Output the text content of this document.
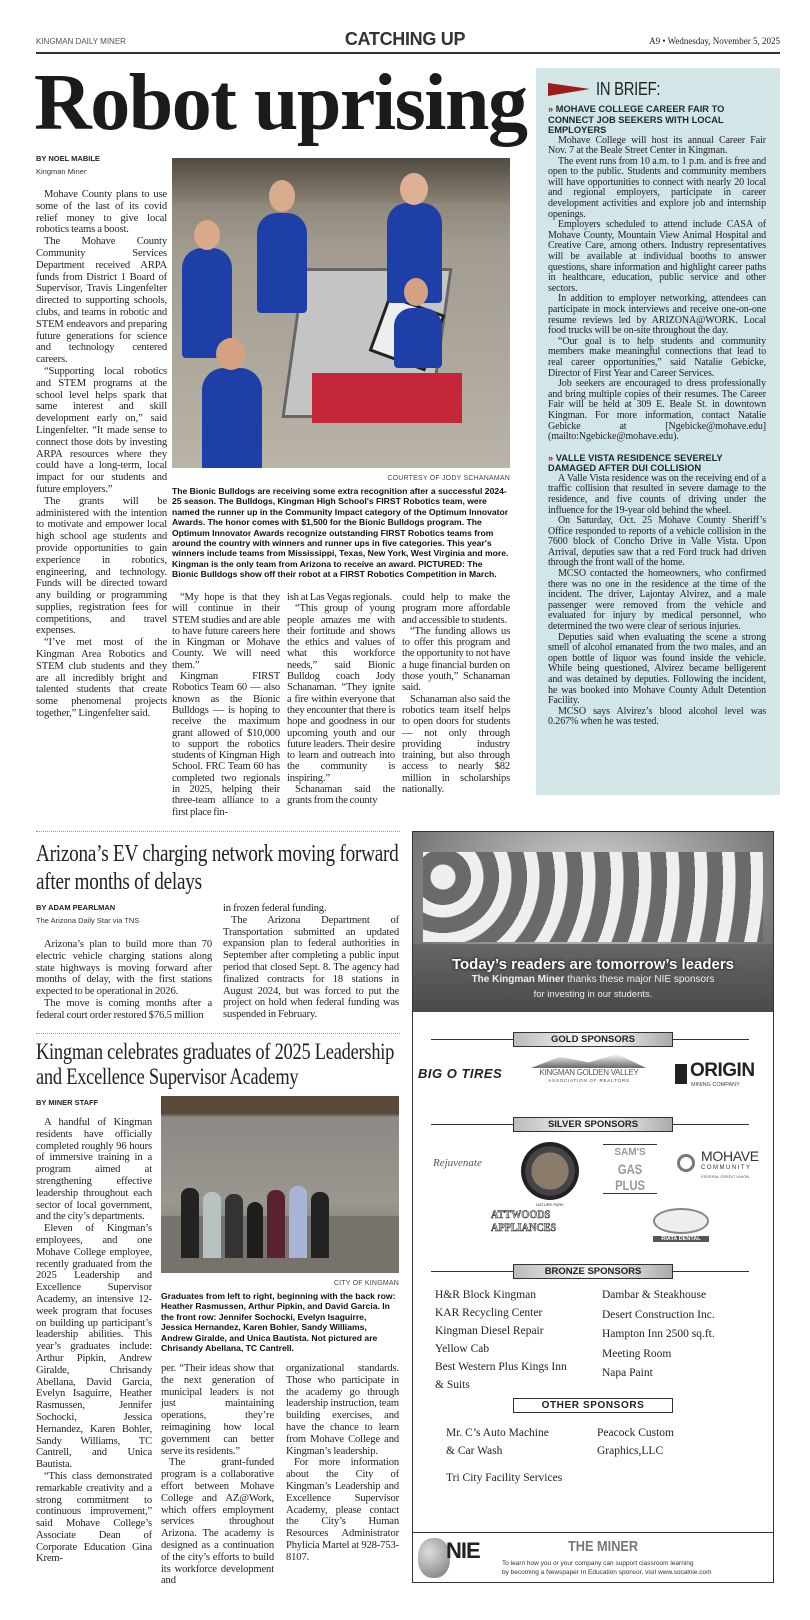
KINGMAN DAILY MINER	CATCHING UP	A9 • Wednesday, November 5, 2025
Robot uprising
BY NOEL MABILE
Kingman Miner

Mohave County plans to use some of the last of its covid relief money to give local robotics teams a boost.

The Mohave County Community Services Department received ARPA funds from District 1 Board of Supervisor, Travis Lingenfelter directed to supporting schools, clubs, and teams in robotic and STEM endeavors and preparing future generations for science and technology centered careers.

“Supporting local robotics and STEM programs at the school level helps spark that same interest and skill development early on,” said Lingenfelter. “It made sense to connect those dots by investing ARPA resources where they could have a long-term, local impact for our students and future employers.”

The grants will be administered with the intention to motivate and empower local high school age students and provide opportunities to gain experience in robotics, engineering, and technology. Funds will be directed toward any building or programming supplies, registration fees for competitions, and travel expenses.

“I’ve met most of the Kingman Area Robotics and STEM club students and they are all incredibly bright and talented students that create some phenomenal projects together,” Lingenfelter said.

COURTESY OF JODY SCHANAMAN
The Bionic Bulldogs are receiving some extra recognition after a successful 2024-25 season. The Bulldogs, Kingman High School's FIRST Robotics team, were named the runner up in the Community Impact category of the Optimum Innovator Awards. The honor comes with $1,500 for the Bionic Bulldogs program. The Optimum Innovator Awards recognize outstanding FIRST Robotics teams from around the country with winners and runner ups in five categories. This year's winners include teams from Mississippi, Texas, New York, West Virginia and more. Kingman is the only team from Arizona to receive an award. PICTURED: The Bionic Bulldogs show off their robot at a FIRST Robotics Competition in March.

“My hope is that they will continue in their STEM studies and are able to have future careers here in Kingman or Mohave County. We will need them.”

Kingman FIRST Robotics Team 60 — also known as the Bionic Bulldogs — is hoping to receive the maximum grant allowed of $10,000 to support the robotics students of Kingman High School. FRC Team 60 has completed two regionals in 2025, helping their three-team alliance to a first place fin-

ish at Las Vegas regionals.

“This group of young people amazes me with their fortitude and shows the ethics and values of what this workforce needs,” said Bionic Bulldog coach Jody Schanaman. “They ignite a fire within everyone that they encounter that there is hope and goodness in our upcoming youth and our future leaders. Their desire to learn and outreach into the community is inspiring.”

Schanaman said the grants from the county

could help to make the program more affordable and accessible to students.

“The funding allows us to offer this program and the opportunity to not have a huge financial burden on those youth,” Schanaman said.

Schanaman also said the robotics team itself helps to open doors for students — not only through providing industry training, but also through access to nearly $82 million in scholarships nationally.

IN BRIEF:
» MOHAVE COLLEGE CAREER FAIR TO CONNECT JOB SEEKERS WITH LOCAL EMPLOYERS

Mohave College will host its annual Career Fair Nov. 7 at the Beale Street Center in Kingman.

The event runs from 10 a.m. to 1 p.m. and is free and open to the public. Students and community members will have opportunities to connect with nearly 20 local and regional employers, participate in career development activities and explore job and internship openings.

Employers scheduled to attend include CASA of Mohave County, Mountain View Animal Hospital and Creative Care, among others. Industry representatives will be available at individual booths to answer questions, share information and highlight career paths in healthcare, education, public service and other sectors.

In addition to employer networking, attendees can participate in mock interviews and receive one-on-one resume reviews led by ARIZONA@WORK. Local food trucks will be on-site throughout the day.

“Our goal is to help students and community members make meaningful connections that lead to real career opportunities,” said Natalie Gebicke, Director of First Year and Career Services.

Job seekers are encouraged to dress professionally and bring multiple copies of their resumes. The Career Fair will be held at 309 E. Beale St. in downtown Kingman. For more information, contact Natalie Gebicke at [Ngebicke@mohave.edu](mailto:Ngebicke@mohave.edu).

» VALLE VISTA RESIDENCE SEVERELY DAMAGED AFTER DUI COLLISION

A Valle Vista residence was on the receiving end of a traffic collision that resulted in severe damage to the residence, and five counts of driving under the influence for the 19-year old behind the wheel.

On Saturday, Oct. 25 Mohave County Sheriff’s Office responded to reports of a vehicle collision in the 7600 block of Concho Drive in Valle Vista. Upon Arrival, deputies saw that a red Ford truck had driven through the front wall of the home.

MCSO contacted the homeowners, who confirmed there was no one in the residence at the time of the incident. The driver, Lajontay Alvirez, and a male passenger were removed from the vehicle and evaluated for injury by medical personnel, who determined the two were clear of serious injuries.

Deputies said when evaluating the scene a strong smell of alcohol emanated from the two males, and an open bottle of liquor was found inside the vehicle. While being questioned, Alvirez became belligerent and was detained by deputies. Following the incident, he was booked into Mohave County Adult Detention Facility.

MCSO says Alvirez’s blood alcohol level was 0.267% when he was tested.

Arizona’s EV charging network moving forward after months of delays
BY ADAM PEARLMAN
The Arizona Daily Star via TNS

Arizona’s plan to build more than 70 electric vehicle charging stations along state highways is moving forward after months of delay, with the first stations expected to be operational in 2026.

The move is coming months after a federal court order restored $76.5 million

in frozen federal funding.

The Arizona Department of Transportation submitted an updated expansion plan to federal authorities in September after completing a public input period that closed Sept. 8. The agency had finalized contracts for 18 stations in August 2024, but was forced to put the project on hold when federal funding was suspended in February.

Kingman celebrates graduates of 2025 Leadership and Excellence Supervisor Academy
BY MINER STAFF

A handful of Kingman residents have officially completed roughly 96 hours of immersive training in a program aimed at strengthening effective leadership throughout each sector of local government, and the city’s departments.

Eleven of Kingman’s employees, and one Mohave College employee, recently graduated from the 2025 Leadership and Excellence Supervisor Academy, an intensive 12-week program that focuses on building up participant’s leadership abilities. This year’s graduates include: Arthur Pipkin, Andrew Giralde, Chrisandy Abellana, David Garcia, Evelyn Isaguirre, Heather Rasmussen, Jennifer Sochocki, Jessica Hernandez, Karen Bohler, Sandy Williams, TC Cantrell, and Unica Bautista.

“This class demonstrated remarkable creativity and a strong commitment to continuous improvement,” said Mohave College’s Associate Dean of Corporate Education Gina Krem-

CITY OF KINGMAN
Graduates from left to right, beginning with the back row: Heather Rasmussen, Arthur Pipkin, and David Garcia. In the front row: Jennifer Sochocki, Evelyn Isaguirre, Jessica Hernandez, Karen Bohler, Sandy Williams, Andrew Giralde, and Unica Bautista. Not pictured are Chrisandy Abellana, TC Cantrell.

per. “Their ideas show that the next generation of municipal leaders is not just maintaining operations, they’re reimagining how local government can better serve its residents.”

The grant-funded program is a collaborative effort between Mohave College and AZ@Work, which offers employment services throughout Arizona. The academy is designed as a continuation of the city’s efforts to build its workforce development and

organizational standards. Those who participate in the academy go through leadership instruction, team building exercises, and have the chance to learn from Mohave College and Kingman’s leadership.

For more information about the City of Kingman’s Leadership and Excellence Supervisor Academy, please contact the City’s Human Resources Administrator Phylicia Martel at 928-753-8107.

Today’s readers are tomorrow’s leaders
The Kingman Miner thanks these major NIE sponsors
for investing in our students.
GOLD SPONSORS
BIG O TIRES	KINGMAN GOLDEN VALLEY
ASSOCIATION OF REALTORS	ORIGIN
MINING COMPANY
SILVER SPONSORS
Rejuvenate
NATURE PARK
SAM'S
GAS PLUS
MOHAVE
COMMUNITY
FEDERAL CREDIT UNION
ATTWOODS
APPLIANCES
RIATA DENTAL
BRONZE SPONSORS
H&R Block Kingman
KAR Recycling Center
Kingman Diesel Repair
Yellow Cab
Best Western Plus Kings Inn
& Suits
Dambar & Steakhouse
Desert Construction Inc.
Hampton Inn 2500 sq.ft.
Meeting Room
Napa Paint
OTHER SPONSORS
Mr. C’s Auto Machine
& Car Wash
Tri City Facility Services
Peacock Custom
Graphics,LLC
NIE	THE MINER
To learn how you or your company can support classroom learning
by becoming a Newspaper In Education sponsor, visit www.socalnie.com
